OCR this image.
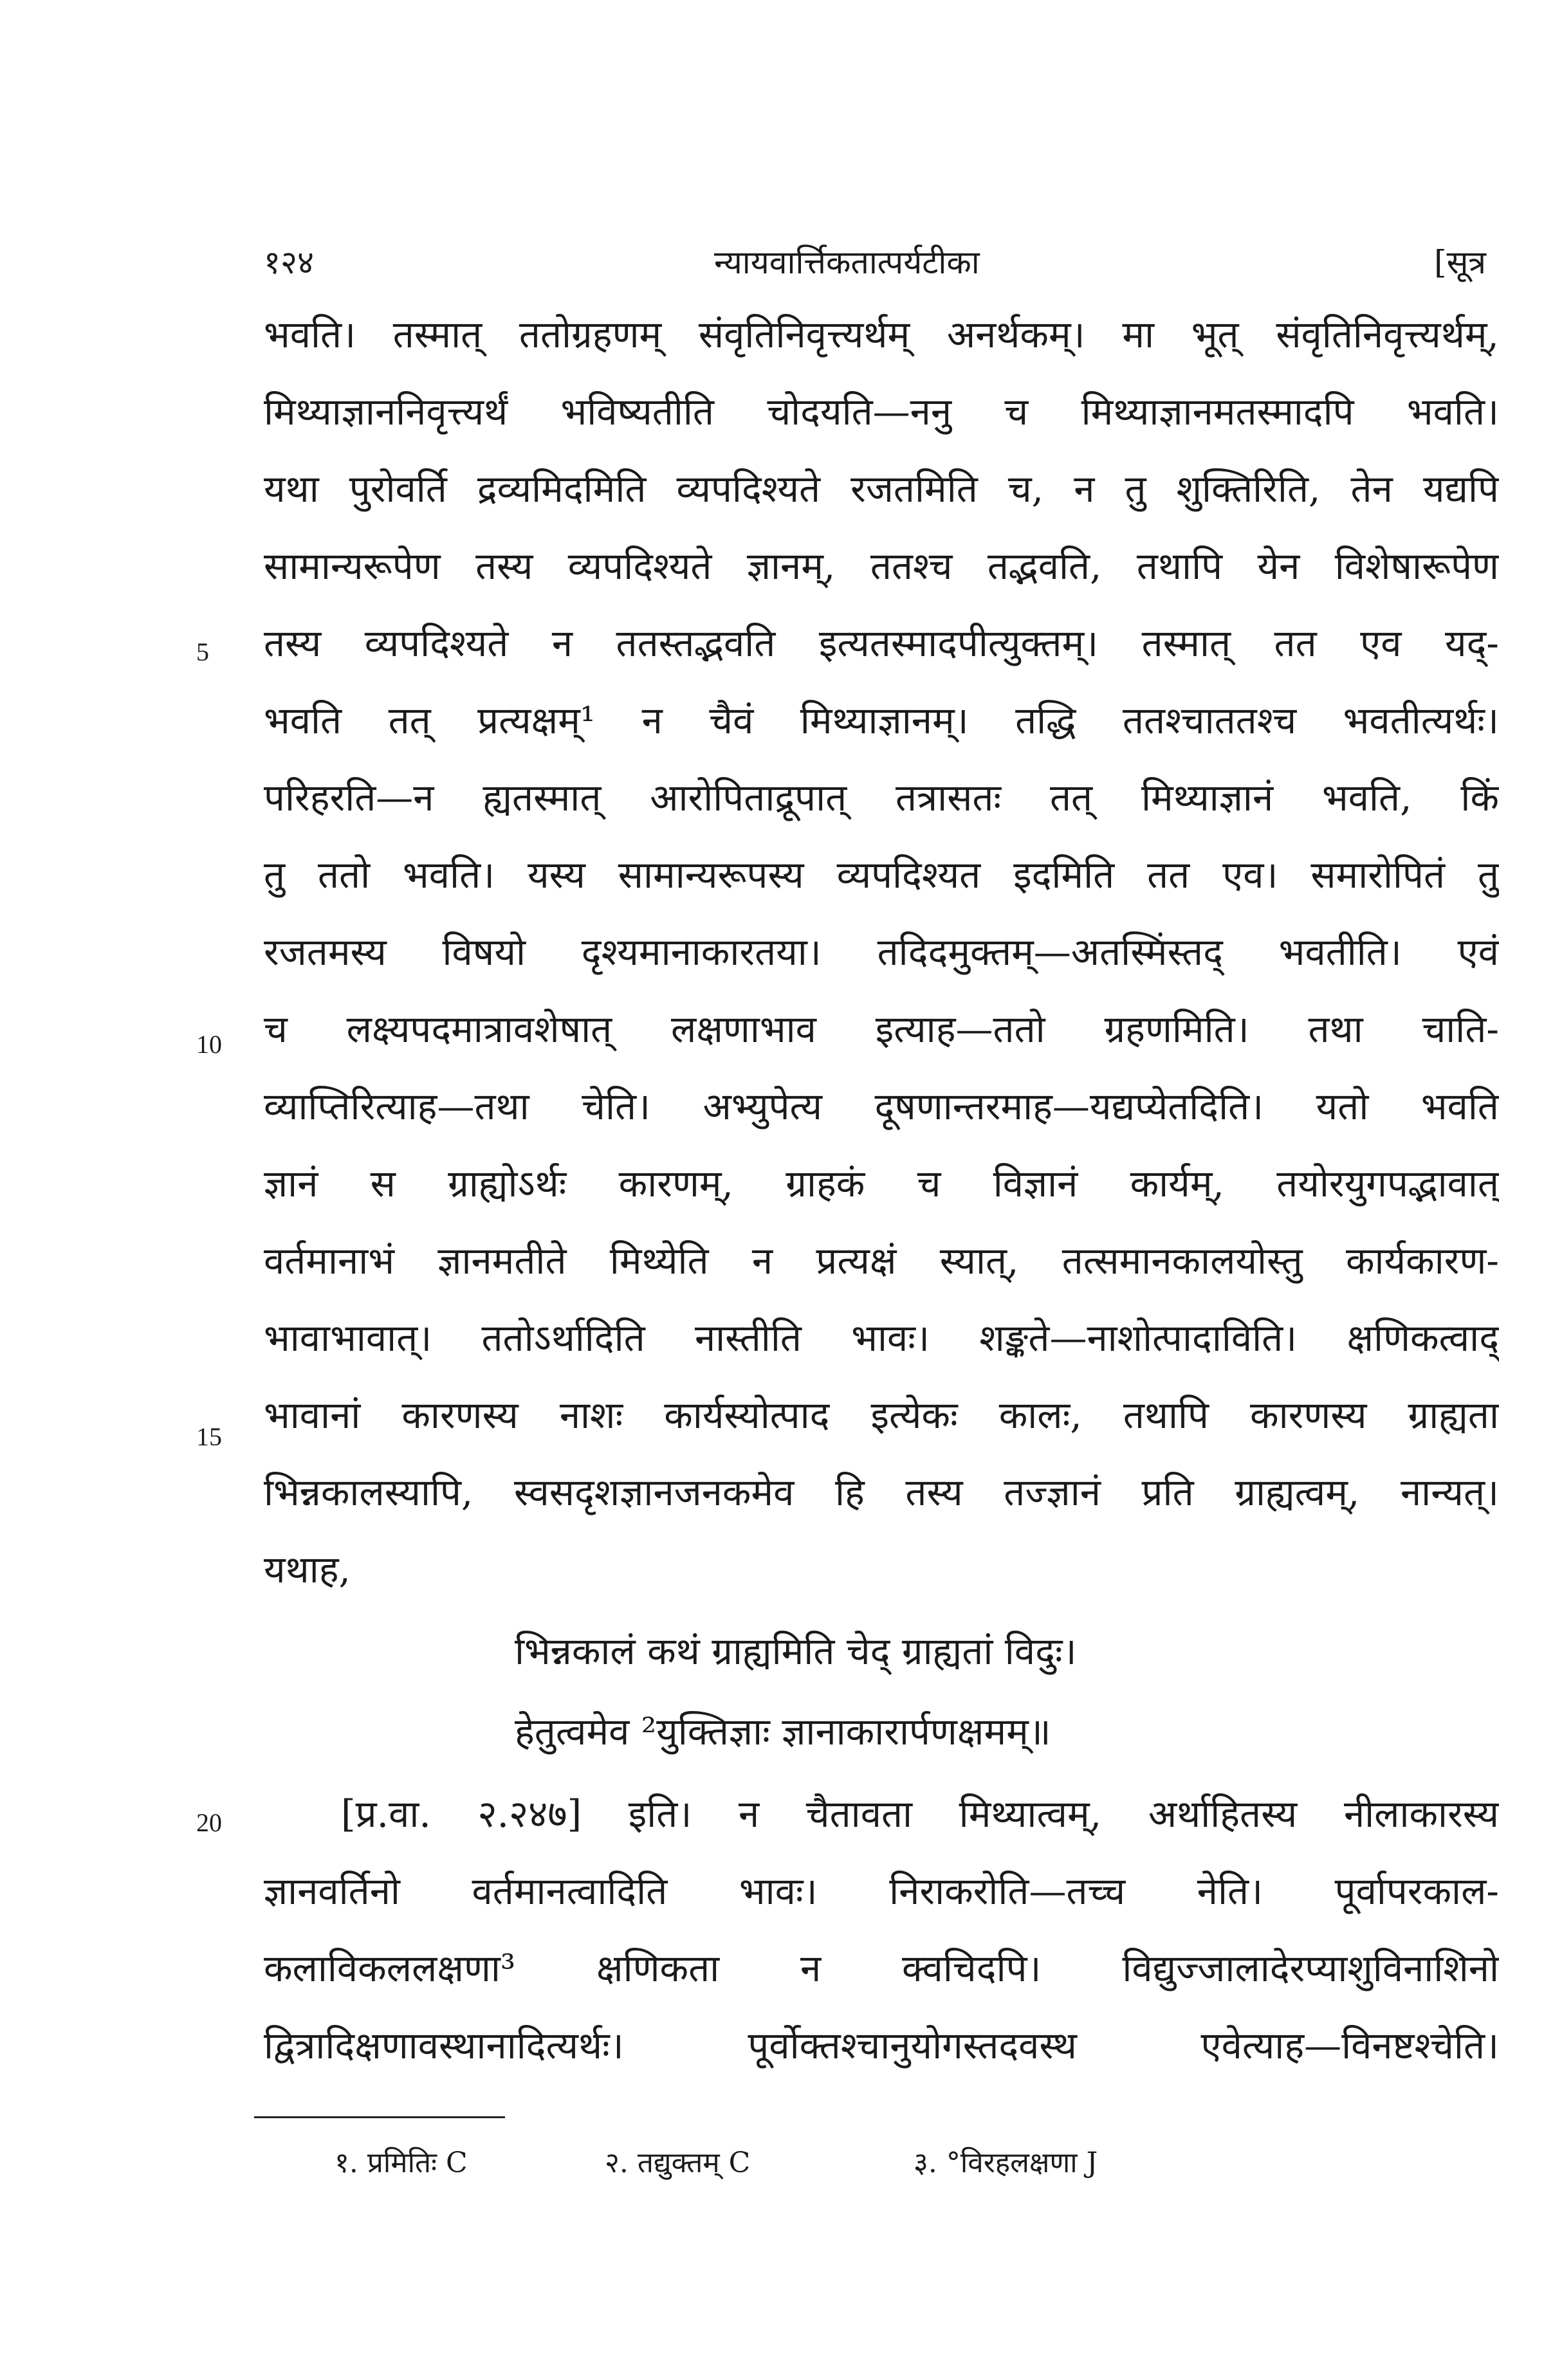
१२४	न्यायवार्त्तिकतात्पर्यटीका	[सूत्र
भवति। तस्मात् ततोग्रहणम् संवृतिनिवृत्त्यर्थम् अनर्थकम्। मा भूत् संवृतिनिवृत्त्यर्थम्,
मिथ्याज्ञाननिवृत्त्यर्थं भविष्यतीति चोदयति—ननु च मिथ्याज्ञानमतस्मादपि भवति।
यथा पुरोवर्ति द्रव्यमिदमिति व्यपदिश्यते रजतमिति च, न तु शुक्तिरिति, तेन यद्यपि
सामान्यरूपेण तस्य व्यपदिश्यते ज्ञानम्, ततश्च तद्भवति, तथापि येन विशेषारूपेण
तस्य व्यपदिश्यते न ततस्तद्भवति इत्यतस्मादपीत्युक्तम्। तस्मात् तत एव यद्-
भवति तत् प्रत्यक्षम्¹ न चैवं मिथ्याज्ञानम्। तद्धि ततश्चाततश्च भवतीत्यर्थः।
परिहरति—न ह्यतस्मात् आरोपिताद्रूपात् तत्रासतः तत् मिथ्याज्ञानं भवति, किं
तु ततो भवति। यस्य सामान्यरूपस्य व्यपदिश्यत इदमिति तत एव। समारोपितं तु
रजतमस्य विषयो दृश्यमानाकारतया। तदिदमुक्तम्—अतस्मिंस्तद् भवतीति। एवं
च लक्ष्यपदमात्रावशेषात् लक्षणाभाव इत्याह—ततो ग्रहणमिति। तथा चाति-
व्याप्तिरित्याह—तथा चेति। अभ्युपेत्य दूषणान्तरमाह—यद्यप्येतदिति। यतो भवति
ज्ञानं स ग्राह्योऽर्थः कारणम्, ग्राहकं च विज्ञानं कार्यम्, तयोरयुगपद्भावात्
वर्तमानाभं ज्ञानमतीते मिथ्येति न प्रत्यक्षं स्यात्, तत्समानकालयोस्तु कार्यकारण-
भावाभावात्। ततोऽर्थादिति नास्तीति भावः। शङ्कते—नाशोत्पादाविति। क्षणिकत्वाद्
भावानां कारणस्य नाशः कार्यस्योत्पाद इत्येकः कालः, तथापि कारणस्य ग्राह्यता
भिन्नकालस्यापि, स्वसदृशज्ञानजनकमेव हि तस्य तज्ज्ञानं प्रति ग्राह्यत्वम्, नान्यत्।
यथाह,
भिन्नकालं कथं ग्राह्यमिति चेद् ग्राह्यतां विदुः।
हेतुत्वमेव ²युक्तिज्ञाः ज्ञानाकारार्पणक्षमम्॥
[प्र.वा. २.२४७] इति। न चैतावता मिथ्यात्वम्, अर्थाहितस्य नीलाकारस्य
ज्ञानवर्तिनो वर्तमानत्वादिति भावः। निराकरोति—तच्च नेति। पूर्वापरकाल-
कलाविकललक्षणा³ क्षणिकता न क्वचिदपि। विद्युज्जालादेरप्याशुविनाशिनो
द्वित्रादिक्षणावस्थानादित्यर्थः। पूर्वोक्तश्चानुयोगस्तदवस्थ एवेत्याह—विनष्टश्चेति।
5
10
15
20
१. प्रमितिः C	२. तद्युक्तम् C	३. °विरहलक्षणा J
